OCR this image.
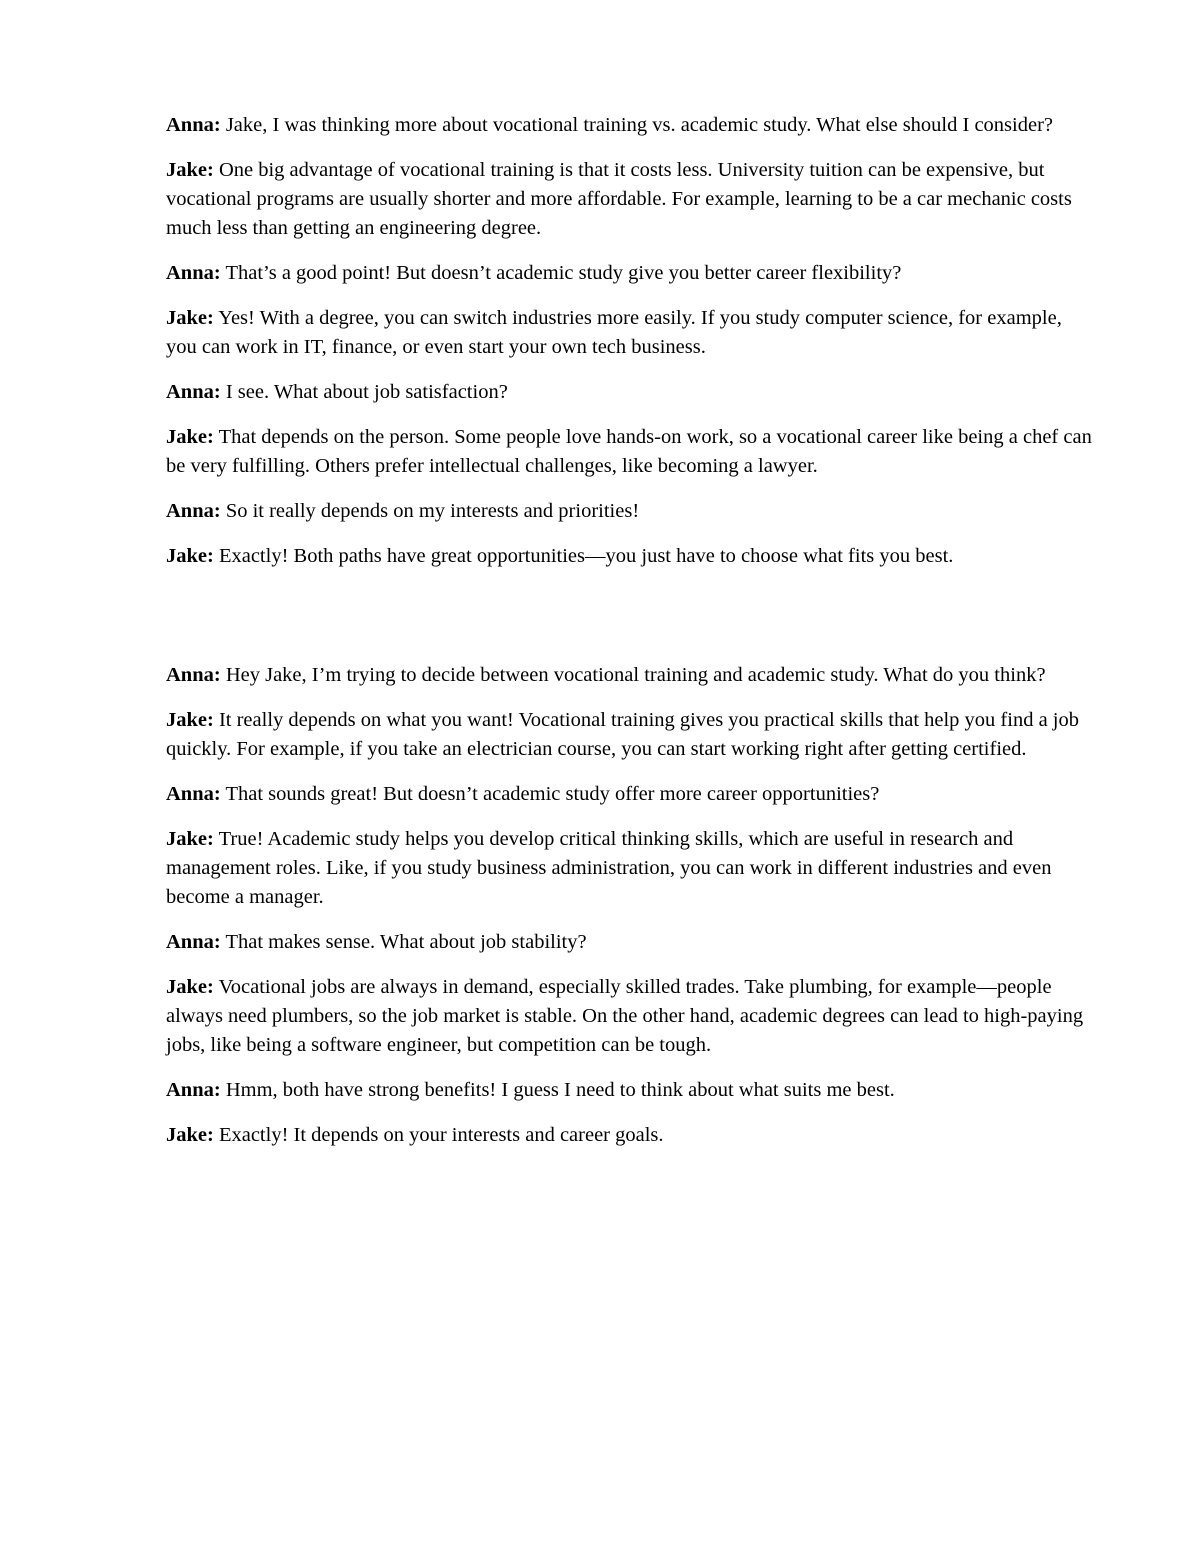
Anna: Jake, I was thinking more about vocational training vs. academic study. What else should I consider?

Jake: One big advantage of vocational training is that it costs less. University tuition can be expensive, but vocational programs are usually shorter and more affordable. For example, learning to be a car mechanic costs much less than getting an engineering degree.

Anna: That’s a good point! But doesn’t academic study give you better career flexibility?

Jake: Yes! With a degree, you can switch industries more easily. If you study computer science, for example, you can work in IT, finance, or even start your own tech business.

Anna: I see. What about job satisfaction?

Jake: That depends on the person. Some people love hands-on work, so a vocational career like being a chef can be very fulfilling. Others prefer intellectual challenges, like becoming a lawyer.

Anna: So it really depends on my interests and priorities!

Jake: Exactly! Both paths have great opportunities—you just have to choose what fits you best.

Anna: Hey Jake, I’m trying to decide between vocational training and academic study. What do you think?

Jake: It really depends on what you want! Vocational training gives you practical skills that help you find a job quickly. For example, if you take an electrician course, you can start working right after getting certified.

Anna: That sounds great! But doesn’t academic study offer more career opportunities?

Jake: True! Academic study helps you develop critical thinking skills, which are useful in research and management roles. Like, if you study business administration, you can work in different industries and even become a manager.

Anna: That makes sense. What about job stability?

Jake: Vocational jobs are always in demand, especially skilled trades. Take plumbing, for example—people always need plumbers, so the job market is stable. On the other hand, academic degrees can lead to high-paying jobs, like being a software engineer, but competition can be tough.

Anna: Hmm, both have strong benefits! I guess I need to think about what suits me best.

Jake: Exactly! It depends on your interests and career goals.
